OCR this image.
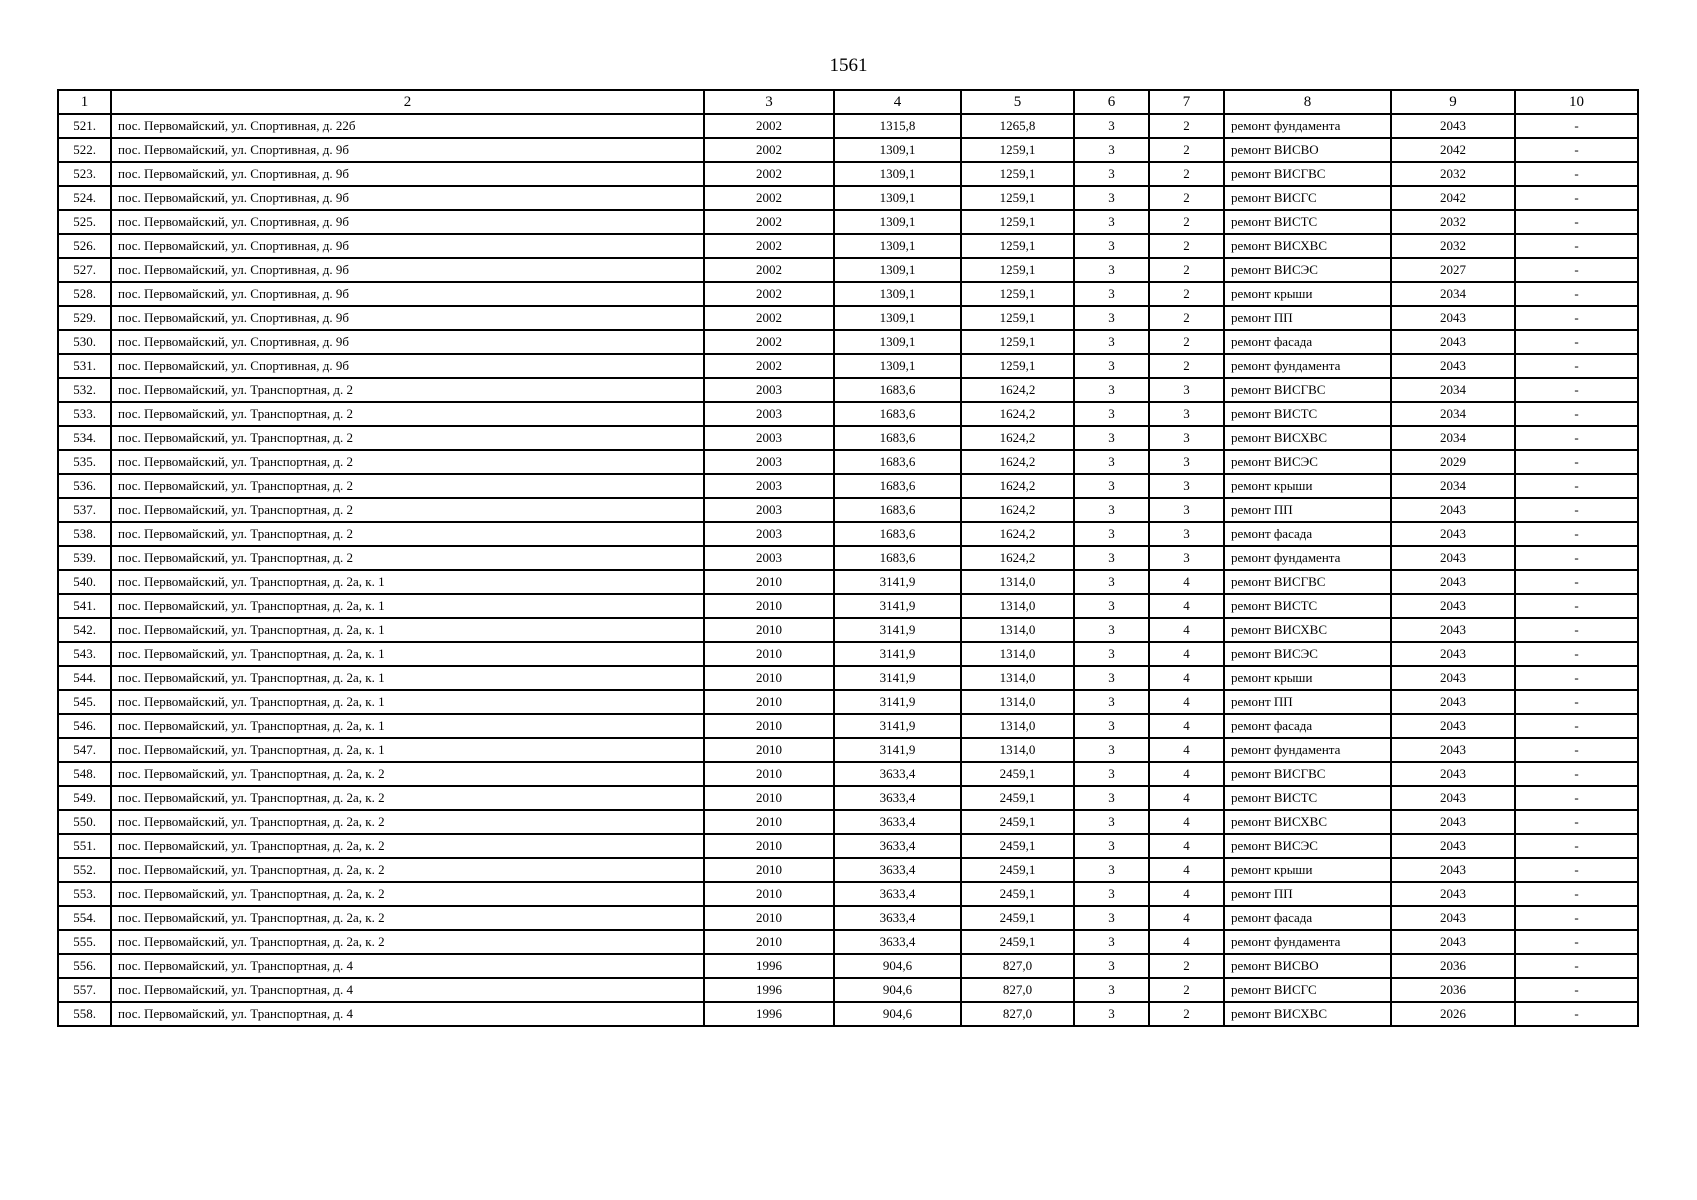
1561
1	2	3	4	5	6	7	8	9	10
521.	пос. Первомайский, ул. Спортивная, д. 22б	2002	1315,8	1265,8	3	2	ремонт фундамента	2043	-
522.	пос. Первомайский, ул. Спортивная, д. 9б	2002	1309,1	1259,1	3	2	ремонт ВИСВО	2042	-
523.	пос. Первомайский, ул. Спортивная, д. 9б	2002	1309,1	1259,1	3	2	ремонт ВИСГВС	2032	-
524.	пос. Первомайский, ул. Спортивная, д. 9б	2002	1309,1	1259,1	3	2	ремонт ВИСГС	2042	-
525.	пос. Первомайский, ул. Спортивная, д. 9б	2002	1309,1	1259,1	3	2	ремонт ВИСТС	2032	-
526.	пос. Первомайский, ул. Спортивная, д. 9б	2002	1309,1	1259,1	3	2	ремонт ВИСХВС	2032	-
527.	пос. Первомайский, ул. Спортивная, д. 9б	2002	1309,1	1259,1	3	2	ремонт ВИСЭС	2027	-
528.	пос. Первомайский, ул. Спортивная, д. 9б	2002	1309,1	1259,1	3	2	ремонт крыши	2034	-
529.	пос. Первомайский, ул. Спортивная, д. 9б	2002	1309,1	1259,1	3	2	ремонт ПП	2043	-
530.	пос. Первомайский, ул. Спортивная, д. 9б	2002	1309,1	1259,1	3	2	ремонт фасада	2043	-
531.	пос. Первомайский, ул. Спортивная, д. 9б	2002	1309,1	1259,1	3	2	ремонт фундамента	2043	-
532.	пос. Первомайский, ул. Транспортная, д. 2	2003	1683,6	1624,2	3	3	ремонт ВИСГВС	2034	-
533.	пос. Первомайский, ул. Транспортная, д. 2	2003	1683,6	1624,2	3	3	ремонт ВИСТС	2034	-
534.	пос. Первомайский, ул. Транспортная, д. 2	2003	1683,6	1624,2	3	3	ремонт ВИСХВС	2034	-
535.	пос. Первомайский, ул. Транспортная, д. 2	2003	1683,6	1624,2	3	3	ремонт ВИСЭС	2029	-
536.	пос. Первомайский, ул. Транспортная, д. 2	2003	1683,6	1624,2	3	3	ремонт крыши	2034	-
537.	пос. Первомайский, ул. Транспортная, д. 2	2003	1683,6	1624,2	3	3	ремонт ПП	2043	-
538.	пос. Первомайский, ул. Транспортная, д. 2	2003	1683,6	1624,2	3	3	ремонт фасада	2043	-
539.	пос. Первомайский, ул. Транспортная, д. 2	2003	1683,6	1624,2	3	3	ремонт фундамента	2043	-
540.	пос. Первомайский, ул. Транспортная, д. 2а, к. 1	2010	3141,9	1314,0	3	4	ремонт ВИСГВС	2043	-
541.	пос. Первомайский, ул. Транспортная, д. 2а, к. 1	2010	3141,9	1314,0	3	4	ремонт ВИСТС	2043	-
542.	пос. Первомайский, ул. Транспортная, д. 2а, к. 1	2010	3141,9	1314,0	3	4	ремонт ВИСХВС	2043	-
543.	пос. Первомайский, ул. Транспортная, д. 2а, к. 1	2010	3141,9	1314,0	3	4	ремонт ВИСЭС	2043	-
544.	пос. Первомайский, ул. Транспортная, д. 2а, к. 1	2010	3141,9	1314,0	3	4	ремонт крыши	2043	-
545.	пос. Первомайский, ул. Транспортная, д. 2а, к. 1	2010	3141,9	1314,0	3	4	ремонт ПП	2043	-
546.	пос. Первомайский, ул. Транспортная, д. 2а, к. 1	2010	3141,9	1314,0	3	4	ремонт фасада	2043	-
547.	пос. Первомайский, ул. Транспортная, д. 2а, к. 1	2010	3141,9	1314,0	3	4	ремонт фундамента	2043	-
548.	пос. Первомайский, ул. Транспортная, д. 2а, к. 2	2010	3633,4	2459,1	3	4	ремонт ВИСГВС	2043	-
549.	пос. Первомайский, ул. Транспортная, д. 2а, к. 2	2010	3633,4	2459,1	3	4	ремонт ВИСТС	2043	-
550.	пос. Первомайский, ул. Транспортная, д. 2а, к. 2	2010	3633,4	2459,1	3	4	ремонт ВИСХВС	2043	-
551.	пос. Первомайский, ул. Транспортная, д. 2а, к. 2	2010	3633,4	2459,1	3	4	ремонт ВИСЭС	2043	-
552.	пос. Первомайский, ул. Транспортная, д. 2а, к. 2	2010	3633,4	2459,1	3	4	ремонт крыши	2043	-
553.	пос. Первомайский, ул. Транспортная, д. 2а, к. 2	2010	3633,4	2459,1	3	4	ремонт ПП	2043	-
554.	пос. Первомайский, ул. Транспортная, д. 2а, к. 2	2010	3633,4	2459,1	3	4	ремонт фасада	2043	-
555.	пос. Первомайский, ул. Транспортная, д. 2а, к. 2	2010	3633,4	2459,1	3	4	ремонт фундамента	2043	-
556.	пос. Первомайский, ул. Транспортная, д. 4	1996	904,6	827,0	3	2	ремонт ВИСВО	2036	-
557.	пос. Первомайский, ул. Транспортная, д. 4	1996	904,6	827,0	3	2	ремонт ВИСГС	2036	-
558.	пос. Первомайский, ул. Транспортная, д. 4	1996	904,6	827,0	3	2	ремонт ВИСХВС	2026	-
